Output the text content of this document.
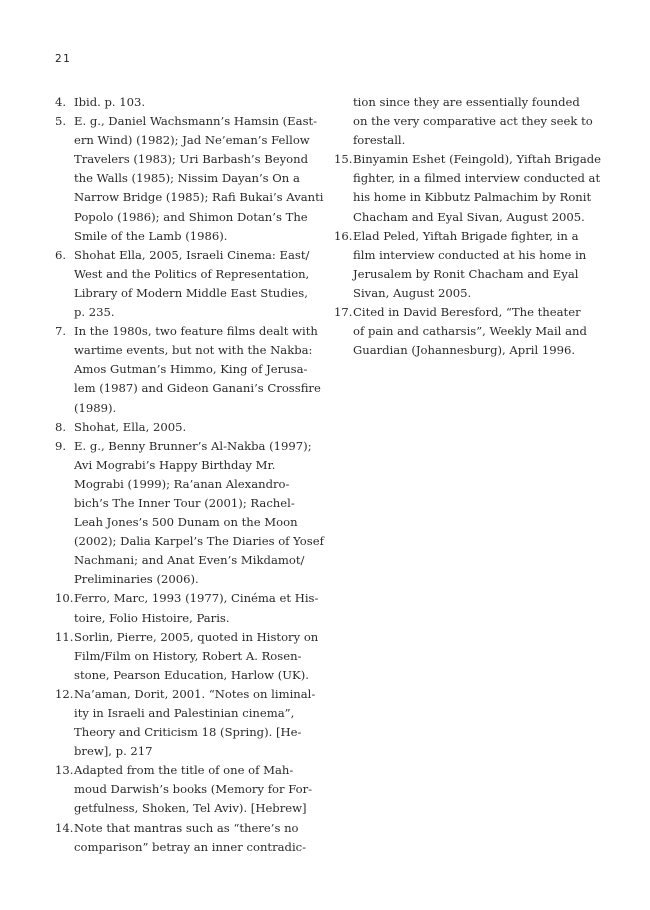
21
4. Ibid. p. 103.
5. E. g., Daniel Wachsmann’s Hamsin (East-
ern Wind) (1982); Jad Ne’eman’s Fellow
Travelers (1983); Uri Barbash’s Beyond
the Walls (1985); Nissim Dayan’s On a
Narrow Bridge (1985); Rafi Bukai’s Avanti
Popolo (1986); and Shimon Dotan’s The
Smile of the Lamb (1986).
6. Shohat Ella, 2005, Israeli Cinema: East/
West and the Politics of Representation,
Library of Modern Middle East Studies,
p. 235.
7. In the 1980s, two feature films dealt with
wartime events, but not with the Nakba:
Amos Gutman’s Himmo, King of Jerusa-
lem (1987) and Gideon Ganani’s Crossfire
(1989).
8. Shohat, Ella, 2005.
9. E. g., Benny Brunner’s Al-Nakba (1997);
Avi Mograbi’s Happy Birthday Mr.
Mograbi (1999); Ra’anan Alexandro-
bich’s The Inner Tour (2001); Rachel-
Leah Jones’s 500 Dunam on the Moon
(2002); Dalia Karpel’s The Diaries of Yosef
Nachmani; and Anat Even’s Mikdamot/
Preliminaries (2006).
10. Ferro, Marc, 1993 (1977), Cinéma et His-
toire, Folio Histoire, Paris.
11. Sorlin, Pierre, 2005, quoted in History on
Film/Film on History, Robert A. Rosen-
stone, Pearson Education, Harlow (UK).
12. Na’aman, Dorit, 2001. “Notes on liminal-
ity in Israeli and Palestinian cinema”,
Theory and Criticism 18 (Spring). [He-
brew], p. 217
13. Adapted from the title of one of Mah-
moud Darwish’s books (Memory for For-
getfulness, Shoken, Tel Aviv). [Hebrew]
14. Note that mantras such as “there’s no
comparison” betray an inner contradic-
tion since they are essentially founded
on the very comparative act they seek to
forestall.
15. Binyamin Eshet (Feingold), Yiftah Brigade
fighter, in a filmed interview conducted at
his home in Kibbutz Palmachim by Ronit
Chacham and Eyal Sivan, August 2005.
16. Elad Peled, Yiftah Brigade fighter, in a
film interview conducted at his home in
Jerusalem by Ronit Chacham and Eyal
Sivan, August 2005.
17. Cited in David Beresford, “The theater
of pain and catharsis”, Weekly Mail and
Guardian (Johannesburg), April 1996.
